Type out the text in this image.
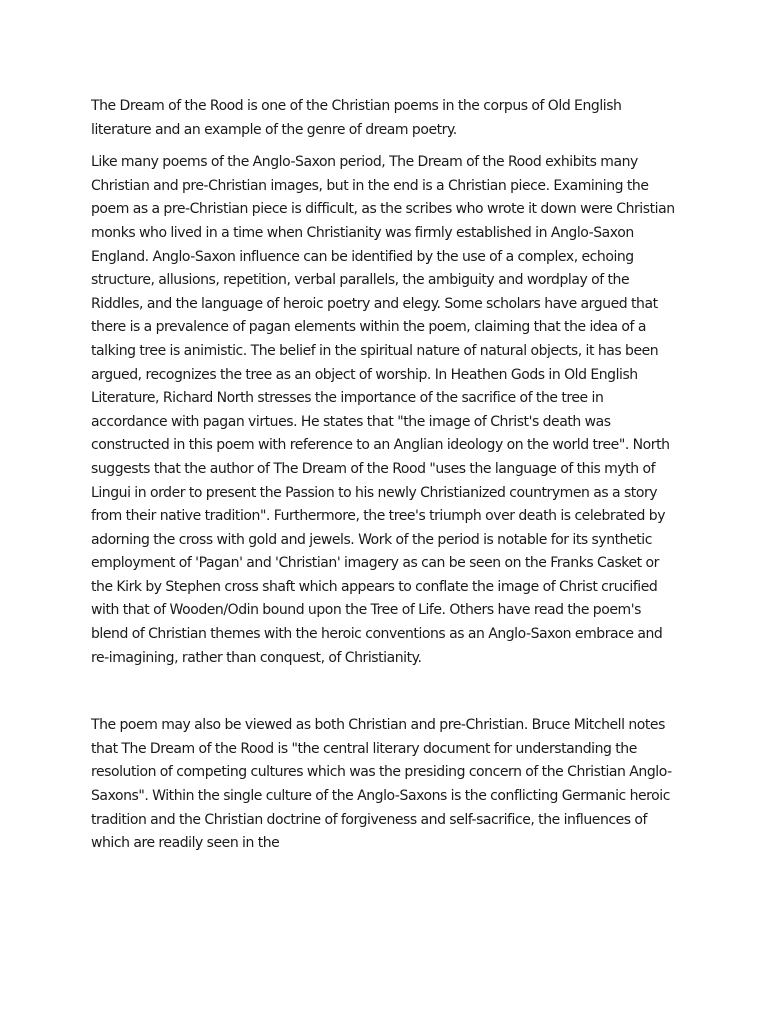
The Dream of the Rood is one of the Christian poems in the corpus of Old English literature and an example of the genre of dream poetry.

Like many poems of the Anglo-Saxon period, The Dream of the Rood exhibits many Christian and pre-Christian images, but in the end is a Christian piece. Examining the poem as a pre-Christian piece is difficult, as the scribes who wrote it down were Christian monks who lived in a time when Christianity was firmly established in Anglo-Saxon England. Anglo-Saxon influence can be identified by the use of a complex, echoing structure, allusions, repetition, verbal parallels, the ambiguity and wordplay of the Riddles, and the language of heroic poetry and elegy. Some scholars have argued that there is a prevalence of pagan elements within the poem, claiming that the idea of a talking tree is animistic. The belief in the spiritual nature of natural objects, it has been argued, recognizes the tree as an object of worship. In Heathen Gods in Old English Literature, Richard North stresses the importance of the sacrifice of the tree in accordance with pagan virtues. He states that "the image of Christ's death was constructed in this poem with reference to an Anglian ideology on the world tree". North suggests that the author of The Dream of the Rood "uses the language of this myth of Lingui in order to present the Passion to his newly Christianized countrymen as a story from their native tradition". Furthermore, the tree's triumph over death is celebrated by adorning the cross with gold and jewels. Work of the period is notable for its synthetic employment of 'Pagan' and 'Christian' imagery as can be seen on the Franks Casket or the Kirk by Stephen cross shaft which appears to conflate the image of Christ crucified with that of Wooden/Odin bound upon the Tree of Life. Others have read the poem's blend of Christian themes with the heroic conventions as an Anglo-Saxon embrace and re-imagining, rather than conquest, of Christianity.

The poem may also be viewed as both Christian and pre-Christian. Bruce Mitchell notes that The Dream of the Rood is "the central literary document for understanding the resolution of competing cultures which was the presiding concern of the Christian Anglo-Saxons". Within the single culture of the Anglo-Saxons is the conflicting Germanic heroic tradition and the Christian doctrine of forgiveness and self-sacrifice, the influences of which are readily seen in the
